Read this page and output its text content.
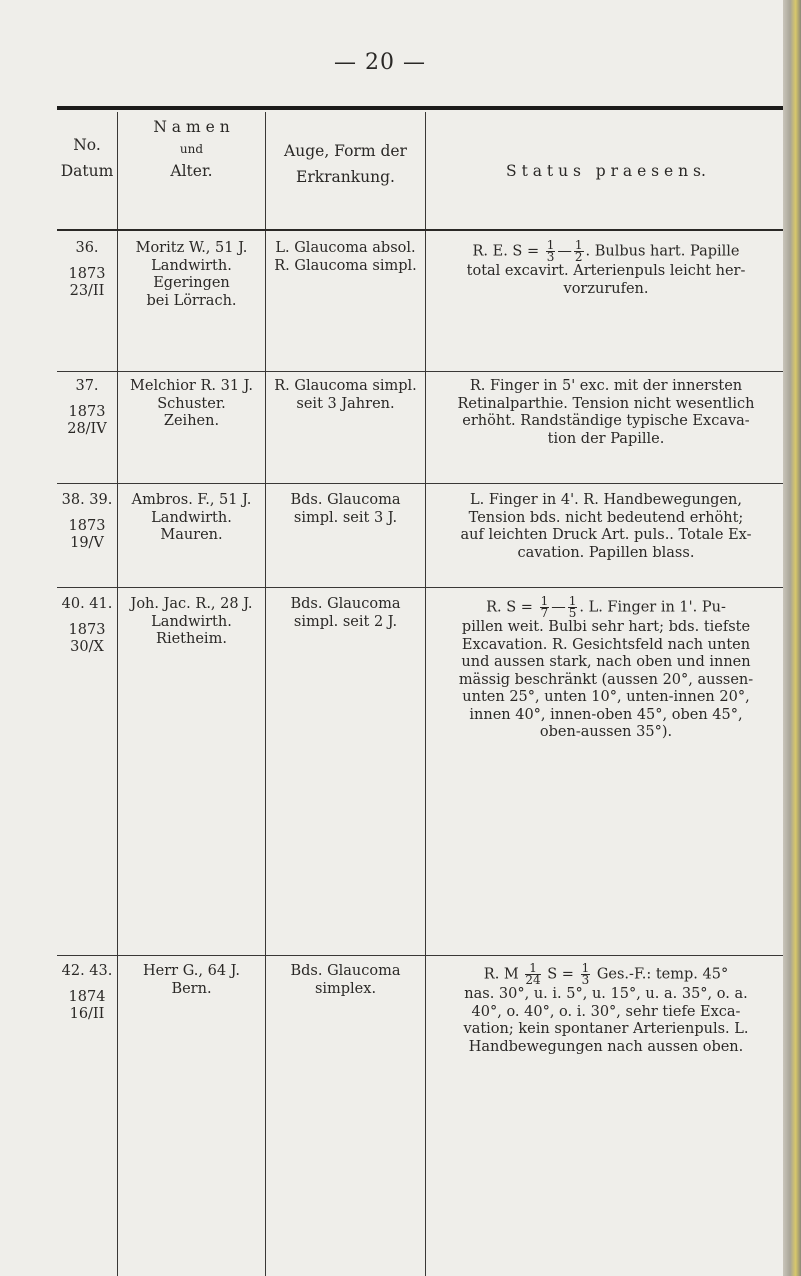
— 20 —
No.
Datum
N a m e n
und
Alter.
Auge, Form der
Erkrankung.	S t a t u s   p r a e s e n s.
36.
1873
23/II
Moritz W., 51 J.
Landwirth.
Egeringen
bei Lörrach.
L. Glaucoma absol.
R. Glaucoma simpl.
R. E. $S = \frac{1}{3}$ — $\frac{1}{2}$ . Bulbus hart. Papille
total excavirt. Arterienpuls leicht her-
vorzurufen.
37.
1873
28/IV
Melchior R. 31 J.
Schuster.
Zeihen.
R. Glaucoma simpl.
seit 3 Jahren.
R. Finger in 5' exc. mit der innersten
Retinalparthie. Tension nicht wesentlich
erhöht. Randständige typische Excava-
tion der Papille.
38. 39.
1873
19/V
Ambros. F., 51 J.
Landwirth.
Mauren.
Bds. Glaucoma
simpl. seit 3 J.
L. Finger in 4'. R. Handbewegungen,
Tension bds. nicht bedeutend erhöht;
auf leichten Druck Art. puls.. Totale Ex-
cavation. Papillen blass.
40. 41.
1873
30/X
Joh. Jac. R., 28 J.
Landwirth.
Rietheim.
Bds. Glaucoma
simpl. seit 2 J.
R. $S = \frac{1}{7}$ — $\frac{1}{5}$ . L. Finger in 1'. Pu-
pillen weit. Bulbi sehr hart; bds. tiefste
Excavation. R. Gesichtsfeld nach unten
und aussen stark, nach oben und innen
mässig beschränkt (aussen 20°, aussen-
unten 25°, unten 10°, unten-innen 20°,
innen 40°, innen-oben 45°, oben 45°,
oben-aussen 35°).
42. 43.
1874
16/II
Herr G., 64 J.
Bern.
Bds. Glaucoma
simplex.
R. M $\frac{1}{24}$ $S = \frac{1}{3} Ges.-F$.: temp. 45°
nas. 30°, u. i. 5°, u. 15°, u. a. 35°, o. a.
40°, o. 40°, o. i. 30°, sehr tiefe Exca-
vation; kein spontaner Arterienpuls. L.
Handbewegungen nach aussen oben.
